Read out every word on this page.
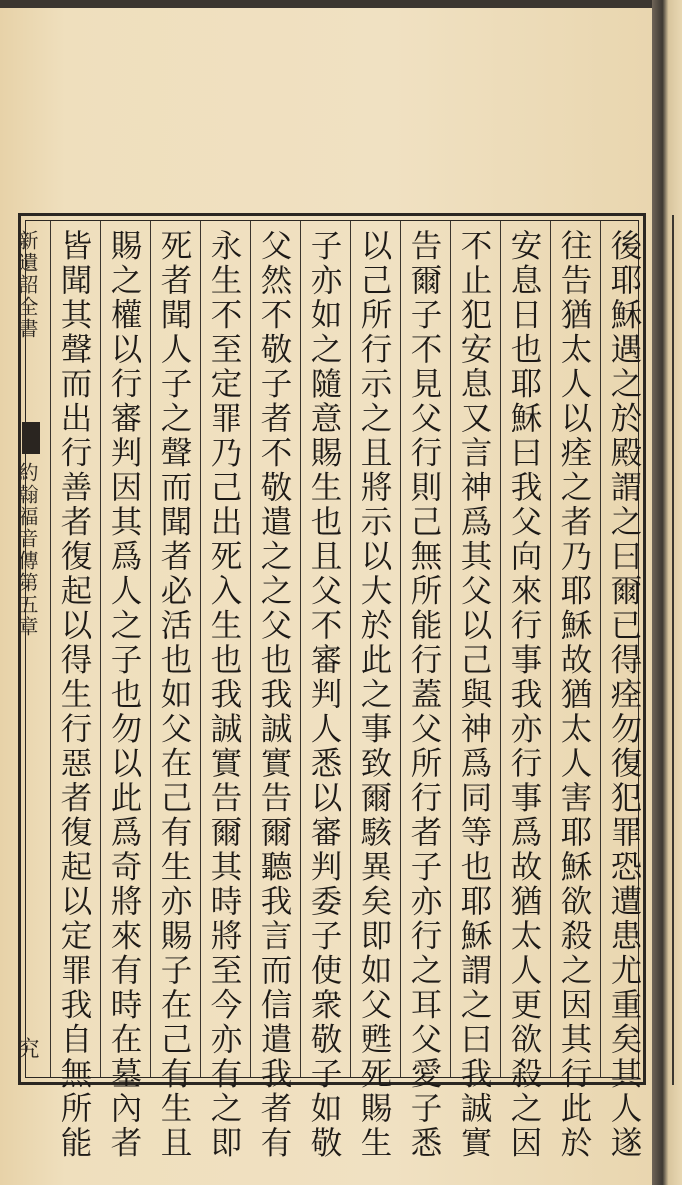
後耶穌遇之於殿謂之曰爾已得痊勿復犯罪恐遭患尤重矣其人遂
往告猶太人以痊之者乃耶穌故猶太人害耶穌欲殺之因其行此於
安息日也耶穌曰我父向來行事我亦行事爲故猶太人更欲殺之因
不止犯安息又言神爲其父以己與神爲同等也耶穌謂之曰我誠實
告爾子不見父行則己無所能行蓋父所行者子亦行之耳父愛子悉
以己所行示之且將示以大於此之事致爾駭異矣即如父甦死賜生
子亦如之隨意賜生也且父不審判人悉以審判委子使衆敬子如敬
父然不敬子者不敬遣之之父也我誠實告爾聽我言而信遣我者有
永生不至定罪乃己出死入生也我誠實告爾其時將至今亦有之即
死者聞人子之聲而聞者必活也如父在己有生亦賜子在己有生且
賜之權以行審判因其爲人之子也勿以此爲奇將來有時在墓內者
皆聞其聲而出行善者復起以得生行惡者復起以定罪我自無所能
新遺詔全書
約翰福音傳第五章
究
